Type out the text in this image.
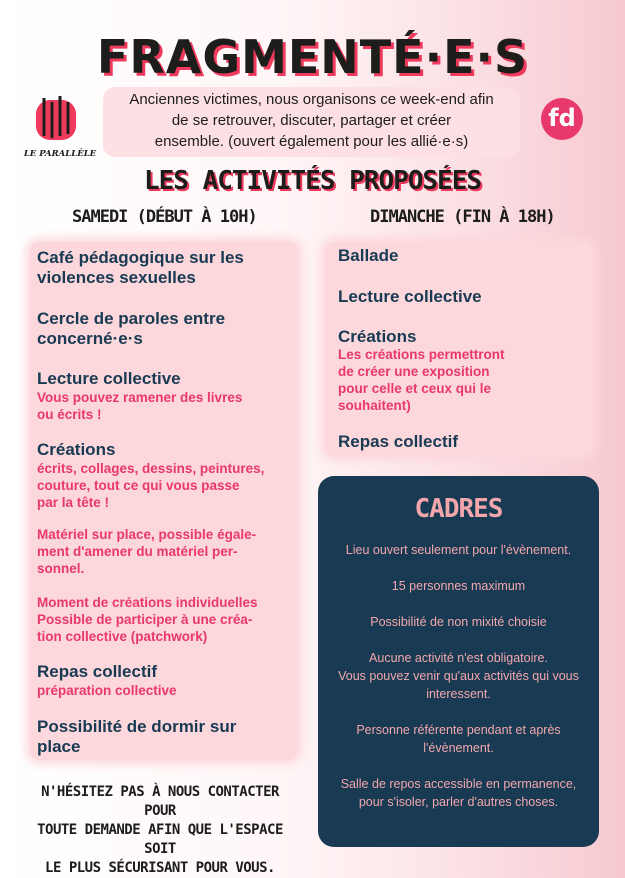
FRAGMENTÉ·E·S
Anciennes victimes, nous organisons ce week-end afin
de se retrouver, discuter, partager et créer
ensemble. (ouvert également pour les allié·e·s)
LE PARALLÈLE
fd
LES ACTIVITÉS PROPOSÉES
SAMEDI (DÉBUT À 10H)	DIMANCHE (FIN À 18H)
Café pédagogique sur les
violences sexuelles
Cercle de paroles entre
concerné·e·s
Lecture collective
Vous pouvez ramener des livres
ou écrits !
Créations
écrits, collages, dessins, peintures,
couture, tout ce qui vous passe
par la tête !
Matériel sur place, possible égale-
ment d'amener du matériel per-
sonnel.
Moment de créations individuelles
Possible de participer à une créa-
tion collective (patchwork)
Repas collectif
préparation collective
Possibilité de dormir sur
place
Ballade
Lecture collective
Créations
Les créations permettront
de créer une exposition
pour celle et ceux qui le
souhaitent)
Repas collectif
CADRES
Lieu ouvert seulement pour l'évènement.
15 personnes maximum
Possibilité de non mixité choisie
Aucune activité n'est obligatoire.
Vous pouvez venir qu'aux activités qui vous
interessent.
Personne référente pendant et après
l'évènement.
Salle de repos accessible en permanence,
pour s'isoler, parler d'autres choses.
N'HÉSITEZ PAS À NOUS CONTACTER POUR
TOUTE DEMANDE AFIN QUE L'ESPACE SOIT
LE PLUS SÉCURISANT POUR VOUS.
